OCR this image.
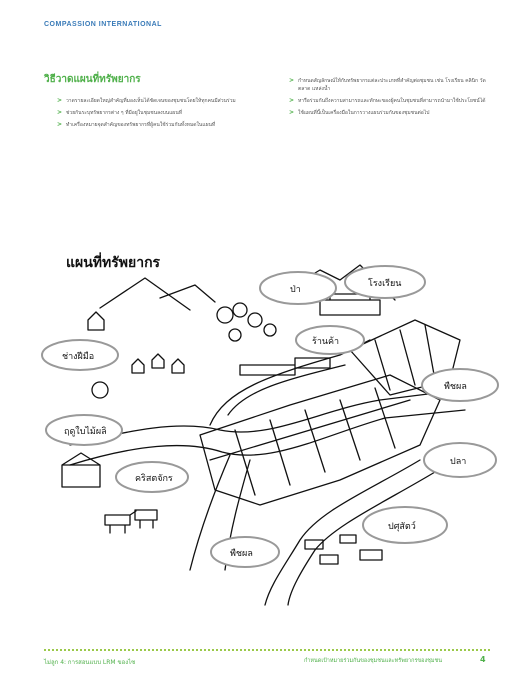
COMPASSION INTERNATIONAL
วิธีวาดแผนที่ทรัพยากร
> วาดรายละเอียดใหญ่สำคัญที่มองเห็นได้ชัดเจนของชุมชนโดยให้ทุกคนมีส่วนร่วม
> ช่วยกันระบุทรัพยากรต่าง ๆ ที่มีอยู่ในชุมชนลงบนแผนที่
> ทำเครื่องหมายจุดสำคัญของทรัพยากรที่ผู้คนใช้ร่วมกันทั้งหมดในแผนที่
> กำหนดสัญลักษณ์ให้กับทรัพยากรแต่ละประเภทที่สำคัญต่อชุมชน เช่น โรงเรียน คลินิก วัด ตลาด แหล่งน้ำ
> หารือร่วมกันถึงความสามารถและทักษะของผู้คนในชุมชนที่สามารถนำมาใช้ประโยชน์ได้
> ใช้แผนที่นี้เป็นเครื่องมือในการวางแผนร่วมกันของชุมชนต่อไป
แผนที่ทรัพยากร
ป่า
โรงเรียน
ร้านค้า
ช่างฝีมือ
พืชผล
ฤดูใบไม้ผลิ
ปลา
คริสตจักร
ปศุสัตว์
พืชผล
ไม่ลูก 4: การสอนแบบ LRM ของไซ	กำหนดเป้าหมายร่วมกันของชุมชนและทรัพยากรของชุมชน	4
